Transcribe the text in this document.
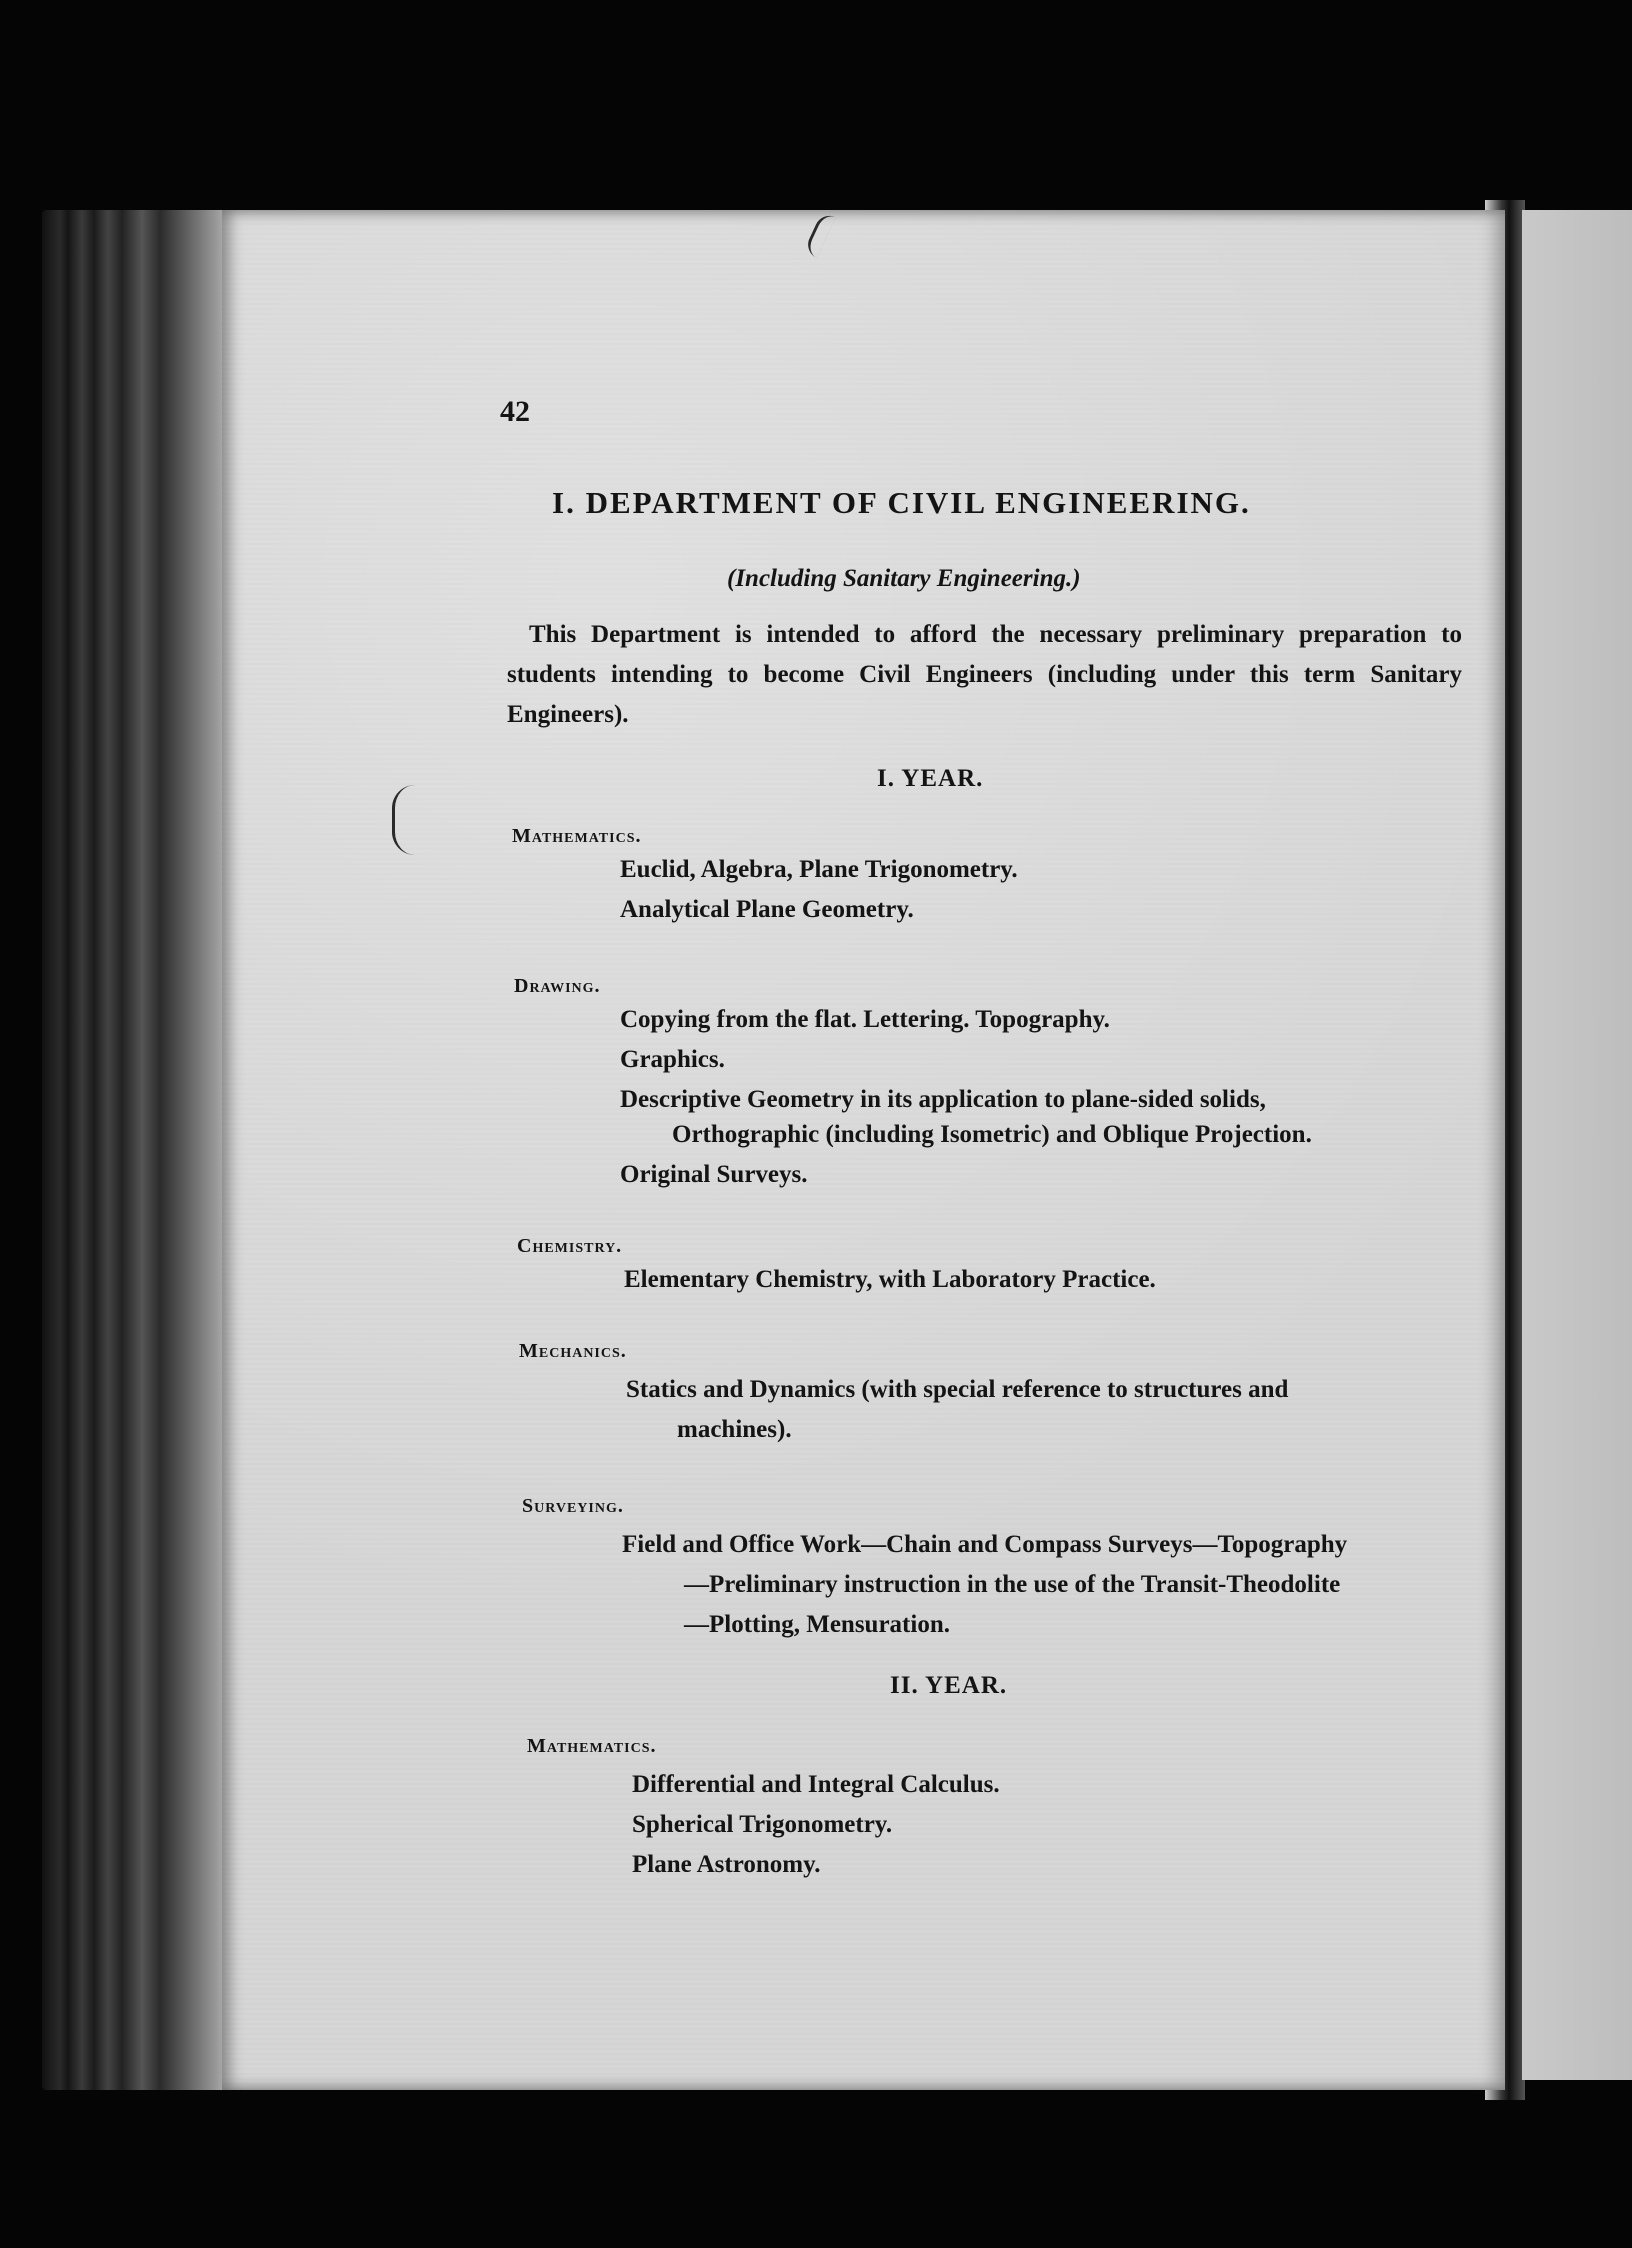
42
I. DEPARTMENT OF CIVIL ENGINEERING.
(Including Sanitary Engineering.)
This Department is intended to afford the necessary preliminary preparation to students intending to become Civil Engineers (including under this term Sanitary Engineers).
I. YEAR.
Mathematics.
Euclid, Algebra, Plane Trigonometry.
Analytical Plane Geometry.
Drawing.
Copying from the flat. Lettering. Topography.
Graphics.
Descriptive Geometry in its application to plane-sided solids,
Orthographic (including Isometric) and Oblique Projection.
Original Surveys.
Chemistry.
Elementary Chemistry, with Laboratory Practice.
Mechanics.
Statics and Dynamics (with special reference to structures and
machines).
Surveying.
Field and Office Work—Chain and Compass Surveys—Topography
—Preliminary instruction in the use of the Transit-Theodolite
—Plotting, Mensuration.
II. YEAR.
Mathematics.
Differential and Integral Calculus.
Spherical Trigonometry.
Plane Astronomy.
